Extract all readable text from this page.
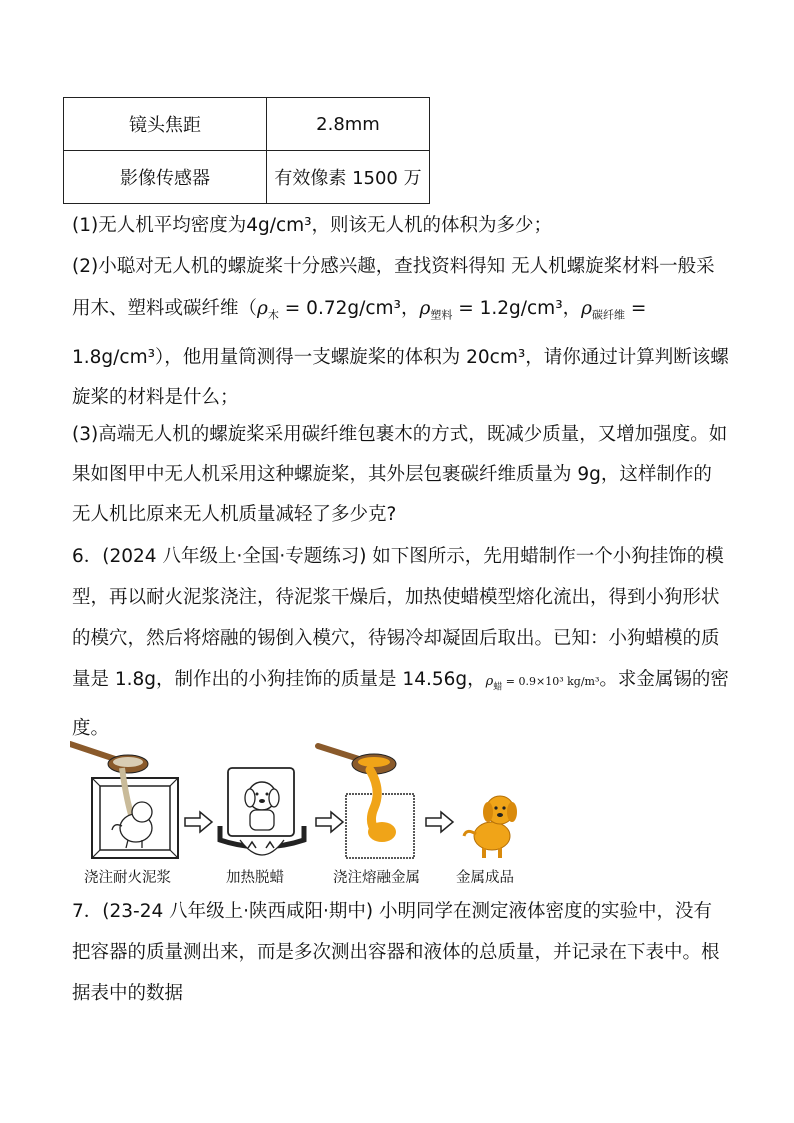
镜头焦距	2.8mm
影像传感器	有效像素 1500 万

(1)无人机平均密度为4g/cm³，则该无人机的体积为多少；

(2)小聪对无人机的螺旋桨十分感兴趣，查找资料得知 无人机螺旋桨材料一般采
用木、塑料或碳纤维（$\rho_木 = 0.72g/cm^3$，$\rho_{塑料} = 1.2g/cm^3$，$\rho_{碳纤维}$ =
1.8g/cm³），他用量筒测得一支螺旋桨的体积为 20cm³，请你通过计算判断该螺
旋桨的材料是什么；
(3)高端无人机的螺旋桨采用碳纤维包裹木的方式，既减少质量，又增加强度。如
果如图甲中无人机采用这种螺旋桨，其外层包裹碳纤维质量为 9g，这样制作的
无人机比原来无人机质量减轻了多少克?
6．(2024 八年级上·全国·专题练习) 如下图所示，先用蜡制作一个小狗挂饰的模
型，再以耐火泥浆浇注，待泥浆干燥后，加热使蜡模型熔化流出，得到小狗形状
的模穴，然后将熔融的锡倒入模穴，待锡冷却凝固后取出。已知：小狗蜡模的质
量是 1.8g，制作出的小狗挂饰的质量是 14.56g，$\rho_蜡 = 0.9\times 10^3$ kg/m³。求金属锡的密
度。
浇注耐火泥浆	加热脱蜡	浇注熔融金属 金属成品
7．(23-24 八年级上·陕西咸阳·期中) 小明同学在测定液体密度的实验中，没有
把容器的质量测出来，而是多次测出容器和液体的总质量，并记录在下表中。根
据表中的数据
